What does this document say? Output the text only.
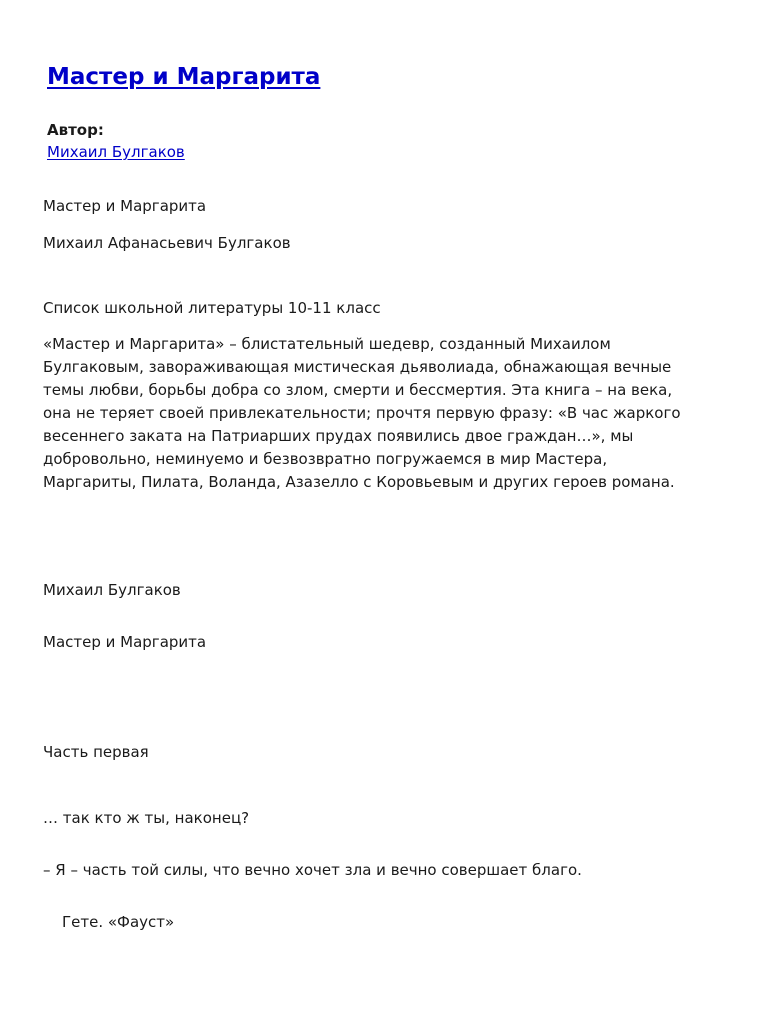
Мастер и Маргарита
Автор:
Михаил Булгаков
Мастер и Маргарита
Михаил Афанасьевич Булгаков
Список школьной литературы 10-11 класс
«Мастер и Маргарита» – блистательный шедевр, созданный Михаилом
Булгаковым, завораживающая мистическая дьяволиада, обнажающая вечные
темы любви, борьбы добра со злом, смерти и бессмертия. Эта книга – на века,
она не теряет своей привлекательности; прочтя первую фразу: «В час жаркого
весеннего заката на Патриарших прудах появились двое граждан…», мы
добровольно, неминуемо и безвозвратно погружаемся в мир Мастера,
Маргариты, Пилата, Воланда, Азазелло с Коровьевым и других героев романа.
Михаил Булгаков
Мастер и Маргарита
Часть первая
… так кто ж ты, наконец?
– Я – часть той силы, что вечно хочет зла и вечно совершает благо.
Гете. «Фауст»
